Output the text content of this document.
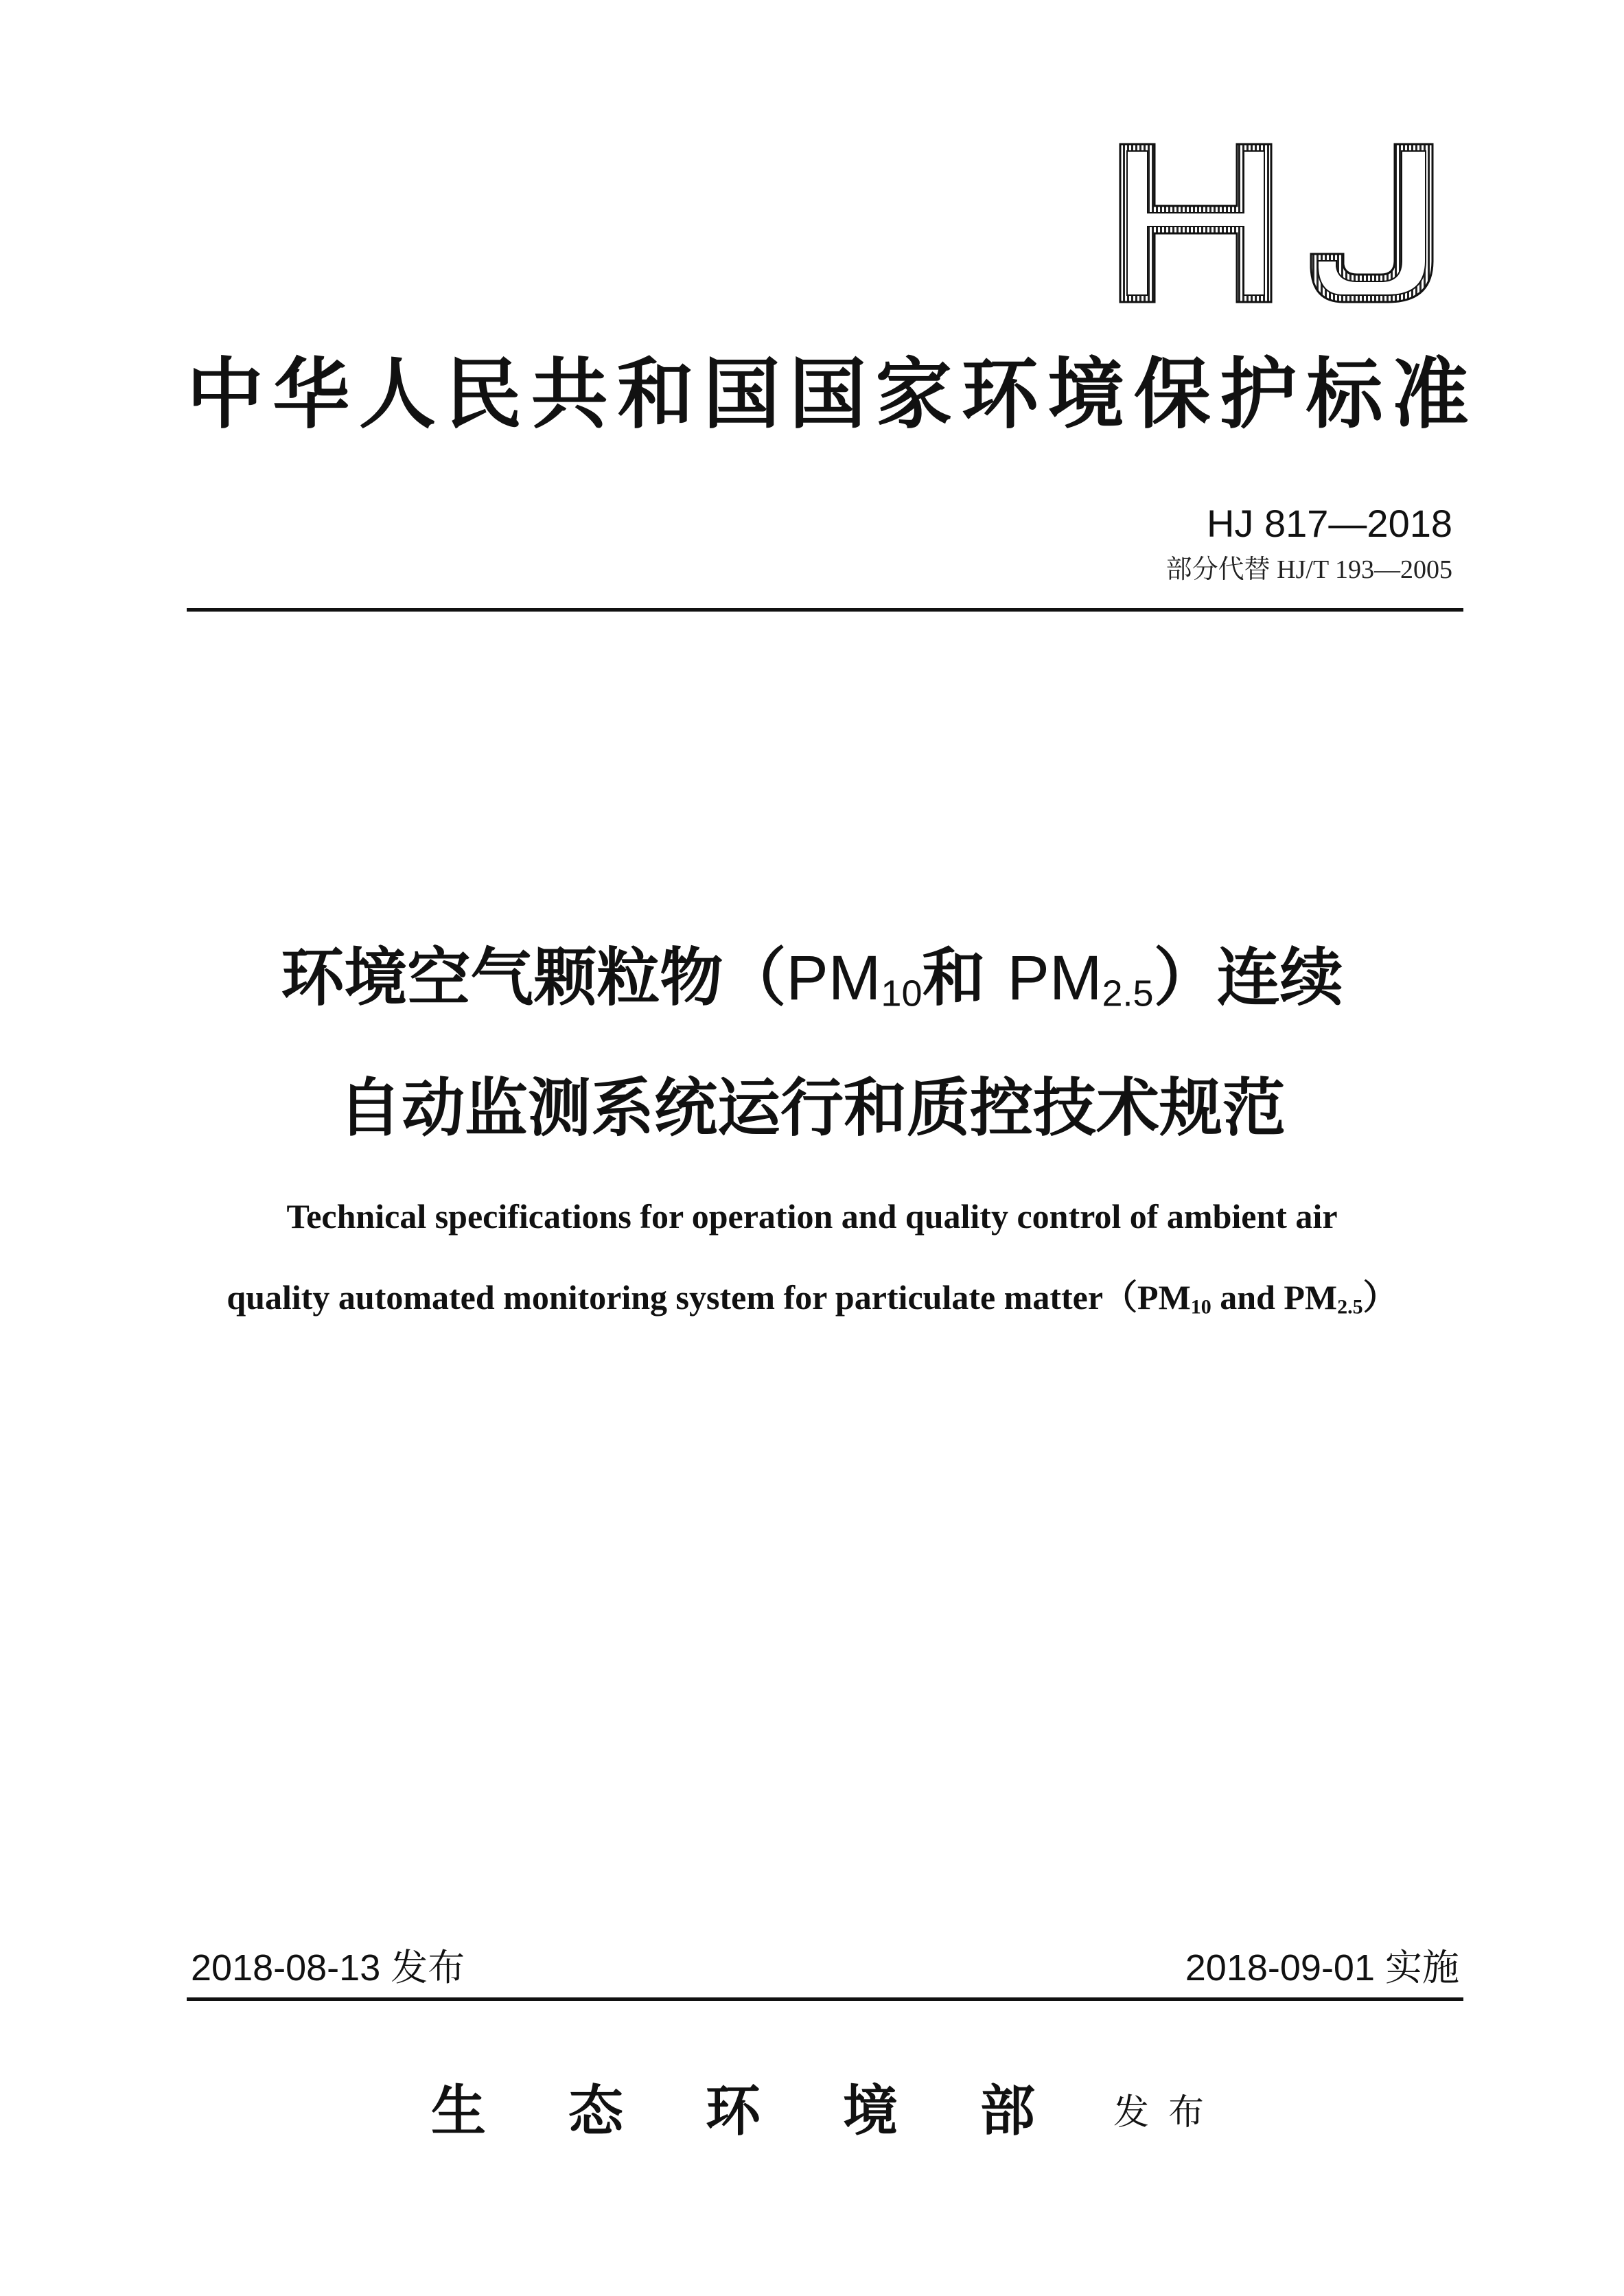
中华人民共和国国家环境保护标准
HJ 817—2018
部分代替 HJ/T 193—2005
环境空气颗粒物（$PM_{10}$和 $PM_{2.5}$）连续
自动监测系统运行和质控技术规范
Technical specifications for operation and quality control of ambient air
quality automated monitoring system for particulate $matter(PM_{10}$ and $PM_{2.5}$）
2018-08-13 发布	2018-09-01 实施
生态环境部
发布
